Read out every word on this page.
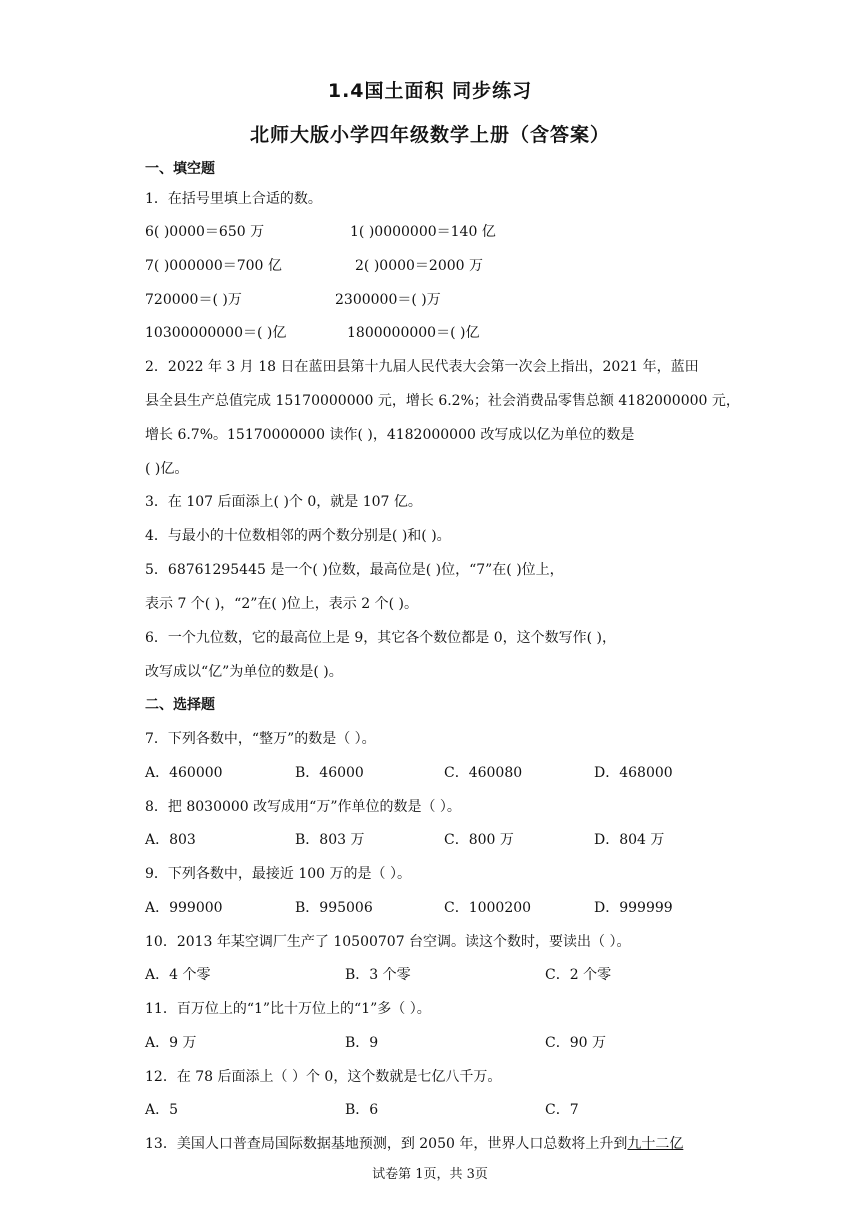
1.4国土面积 同步练习
北师大版小学四年级数学上册（含答案）
一、填空题
1．在括号里填上合适的数。
6( )0000＝650 万	1( )0000000＝140 亿
7( )000000＝700 亿	2( )0000＝2000 万
720000＝( )万	2300000＝( )万
10300000000＝( )亿	1800000000＝( )亿
2．2022 年 3 月 18 日在蓝田县第十九届人民代表大会第一次会上指出，2021 年，蓝田
县全县生产总值完成 15170000000 元，增长 6.2%；社会消费品零售总额 4182000000 元，
增长 6.7%。15170000000 读作( )，4182000000 改写成以亿为单位的数是
( )亿。
3．在 107 后面添上( )个 0，就是 107 亿。
4．与最小的十位数相邻的两个数分别是( )和( )。
5．68761295445 是一个( )位数，最高位是( )位，“7”在( )位上，
表示 7 个( )，“2”在( )位上，表示 2 个( )。
6．一个九位数，它的最高位上是 9，其它各个数位都是 0，这个数写作( )，
改写成以“亿”为单位的数是( )。
二、选择题
7．下列各数中，“整万”的数是（ ）。
A．460000	B．46000	C．460080	D．468000
8．把 8030000 改写成用“万”作单位的数是（ ）。
A．803	B．803 万	C．800 万	D．804 万
9．下列各数中，最接近 100 万的是（ ）。
A．999000	B．995006	C．1000200	D．999999
10．2013 年某空调厂生产了 10500707 台空调。读这个数时，要读出（ ）。
A．4 个零	B．3 个零	C．2 个零
11．百万位上的“1”比十万位上的“1”多（ ）。
A．9 万	B．9	C．90 万
12．在 78 后面添上（ ）个 0，这个数就是七亿八千万。
A．5	B．6	C．7
13．美国人口普查局国际数据基地预测，到 2050 年，世界人口总数将上升到九十二亿
试卷第 1页，共 3页
